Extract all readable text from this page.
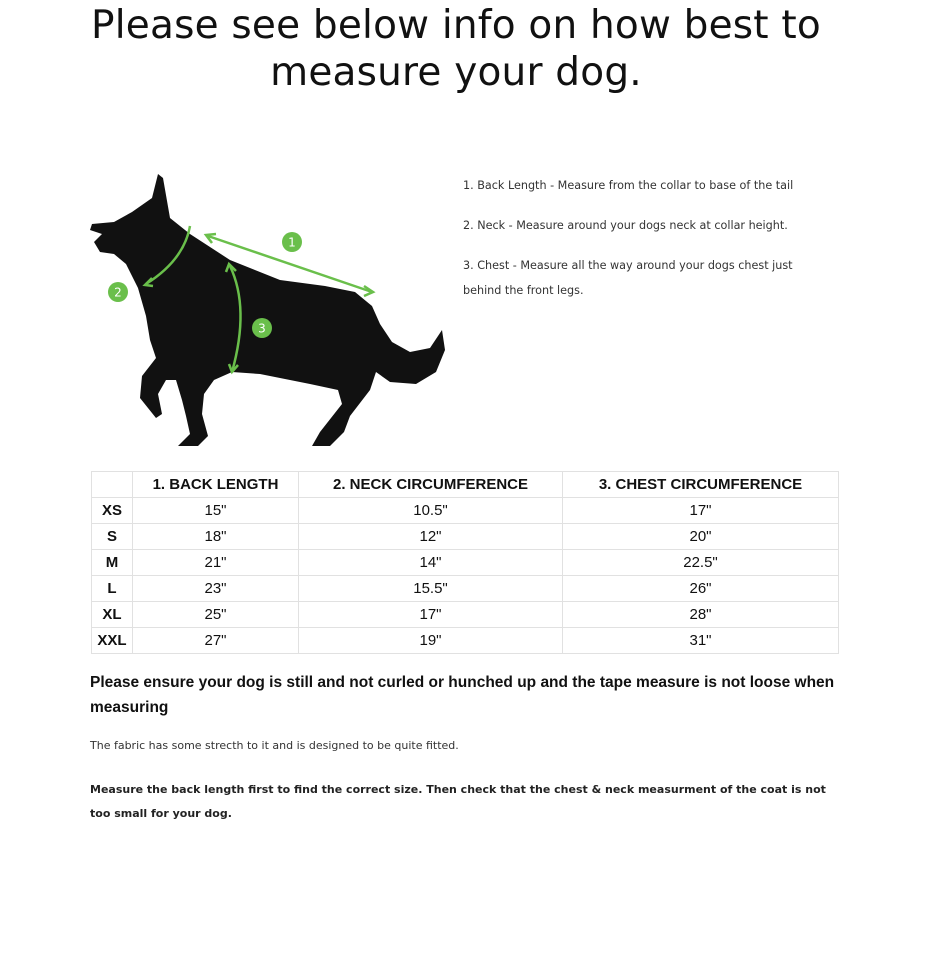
Please see below info on how best to measure your dog.
1
2
3

1. Back Length - Measure from the collar to base of the tail

2. Neck - Measure around your dogs neck at collar height.

3. Chest - Measure all the way around your dogs chest just behind the front legs.

	1. BACK LENGTH	2. NECK CIRCUMFERENCE	3. CHEST CIRCUMFERENCE
XS	15"	10.5"	17"
S	18"	12"	20"
M	21"	14"	22.5"
L	23"	15.5"	26"
XL	25"	17"	28"
XXL	27"	19"	31"
Please ensure your dog is still and not curled or hunched up and the tape measure is not loose when measuring
The fabric has some strecth to it and is designed to be quite fitted.
Measure the back length first to find the correct size. Then check that the chest & neck measurment of the coat is not too small for your dog.
